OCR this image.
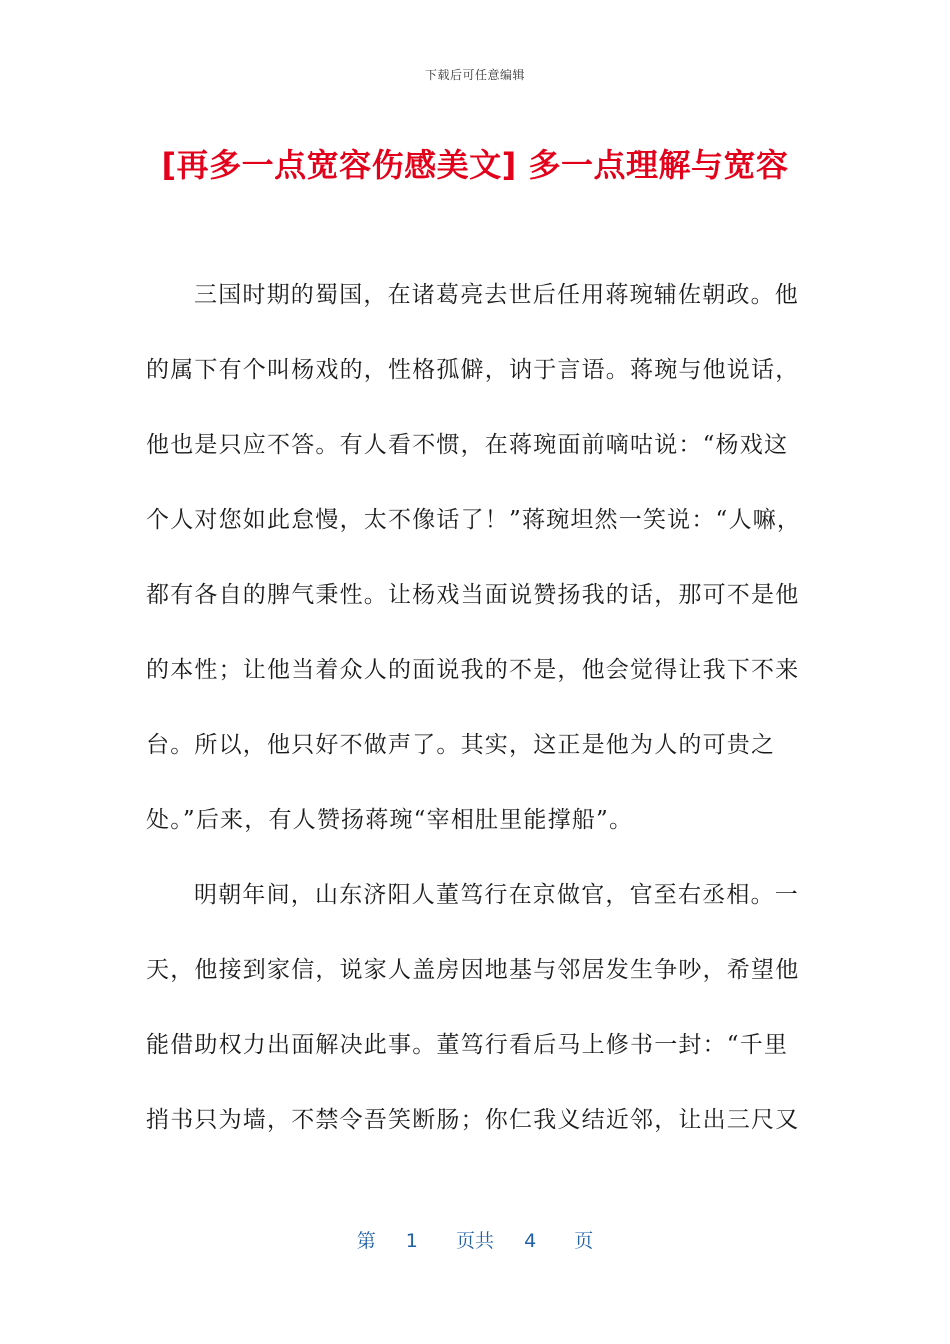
下载后可任意编辑
[再多一点宽容伤感美文] 多一点理解与宽容
三国时期的蜀国，在诸葛亮去世后任用蒋琬辅佐朝政。他
的属下有个叫杨戏的，性格孤僻，讷于言语。蒋琬与他说话，
他也是只应不答。有人看不惯，在蒋琬面前嘀咕说：“杨戏这
个人对您如此怠慢，太不像话了！”蒋琬坦然一笑说：“人嘛，
都有各自的脾气秉性。让杨戏当面说赞扬我的话，那可不是他
的本性；让他当着众人的面说我的不是，他会觉得让我下不来
台。所以，他只好不做声了。其实，这正是他为人的可贵之
处。”后来，有人赞扬蒋琬“宰相肚里能撑船”。
明朝年间，山东济阳人董笃行在京做官，官至右丞相。一
天，他接到家信，说家人盖房因地基与邻居发生争吵，希望他
能借助权力出面解决此事。董笃行看后马上修书一封：“千里
捎书只为墙，不禁令吾笑断肠；你仁我义结近邻，让出三尺又
第 1 页共 4 页
